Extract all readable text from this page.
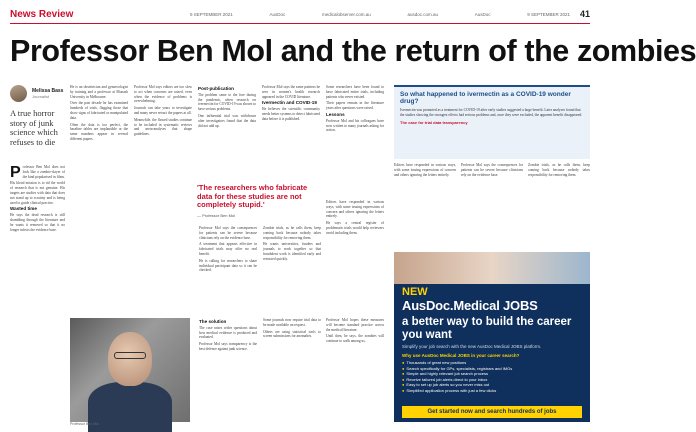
News Review	9 SEPTEMBER 2021	AusDoc	medicalobserver.com.au	ausdoc.com.au	AusDoc	9 SEPTEMBER 2021 41
Professor Ben Mol and the return of the zombies
Melissa Bass
Journalist

A true horror story of junk science which refuses to die

P rofessor Ben Mol does not look like a zombie-slayer of the kind popularised in films.

His blood mission is to rid the world of research that is not genuine. His targets are studies with data that does not stand up to scrutiny and is being used to guide clinical practice.

Wasted time

He says the dead research is still shambling through the literature and he wants it removed so that it no longer infects the evidence base.

He is an obstetrician and gynaecologist by training and a professor at Monash University in Melbourne.

Over the past decade he has examined hundreds of trials, flagging those that show signs of fabricated or manipulated data.

Often the data is too perfect, the baseline tables are implausible or the same numbers appear in several different papers.

Professor Mol says editors are too slow to act when concerns are raised, even when the evidence of problems is overwhelming.

Journals can take years to investigate and many never retract the papers at all.

Meanwhile, the flawed studies continue to be included in systematic reviews and meta-analyses that shape guidelines.

Post-publication

The problem came to the fore during the pandemic, when research on ivermectin for COVID-19 was shown to have serious problems.

One influential trial was withdrawn after investigators found that the data did not add up.

Professor Mol says the same patterns he sees in women's health research appeared in the COVID literature.

Ivermectin and COVID-19

He believes the scientific community needs better systems to detect fabricated data before it is published.

Some researchers have been found to have fabricated entire trials, including patients who never existed.

Their papers remain in the literature years after questions were raised.

Lessons

Professor Mol and his colleagues have now written to many journals asking for action.

'The researchers who fabricate data for these studies are not completely stupid.'
— Professor Ben Mol

Professor Mol says the consequences for patients can be severe because clinicians rely on the evidence base.

A treatment that appears effective in fabricated trials may offer no real benefit.

He is calling for researchers to share individual participant data so it can be checked.

Zombie trials, as he calls them, keep coming back because nobody takes responsibility for removing them.

He wants universities, funders and journals to work together so that fraudulent work is identified early and retracted quickly.

Editors have responded in various ways, with some issuing expressions of concern and others ignoring the letters entirely.

He says a central register of problematic trials would help reviewers avoid including them.

Professor Ben Mol
The solution

The case raises wider questions about how medical evidence is produced and evaluated.

Professor Mol says transparency is the best defence against junk science.

Some journals now require trial data to be made available on request.

Others are using statistical tools to screen submissions for anomalies.

Professor Mol hopes these measures will become standard practice across the medical literature.

Until then, he says, the zombies will continue to walk among us.

So what happened to ivermectin as a COVID-19 wonder drug?
Ivermectin was promoted as a treatment for COVID-19 after early studies suggested a large benefit. Later analyses found that the studies showing the strongest effects had serious problems and, once they were excluded, the apparent benefit disappeared.
The case for trial data transparency

Editors have responded in various ways, with some issuing expressions of concern and others ignoring the letters entirely.

Professor Mol says the consequences for patients can be severe because clinicians rely on the evidence base.

Zombie trials, as he calls them, keep coming back because nobody takes responsibility for removing them.

NEW
AusDoc.Medical JOBS
a better way to build the career you want
Simplify your job search with the new AusDoc Medical JOBS platform.
Why use AusDoc Medical JOBS in your career search?
● Thousands of great new positions
● Search specifically for GPs, specialists, registrars and IMGs
● Simple and highly relevant job search process
● Receive tailored job alerts direct to your inbox
● Easy to set up job alerts so you never miss out
● Simplified application process with just a few clicks
Get started now and search hundreds of jobs
